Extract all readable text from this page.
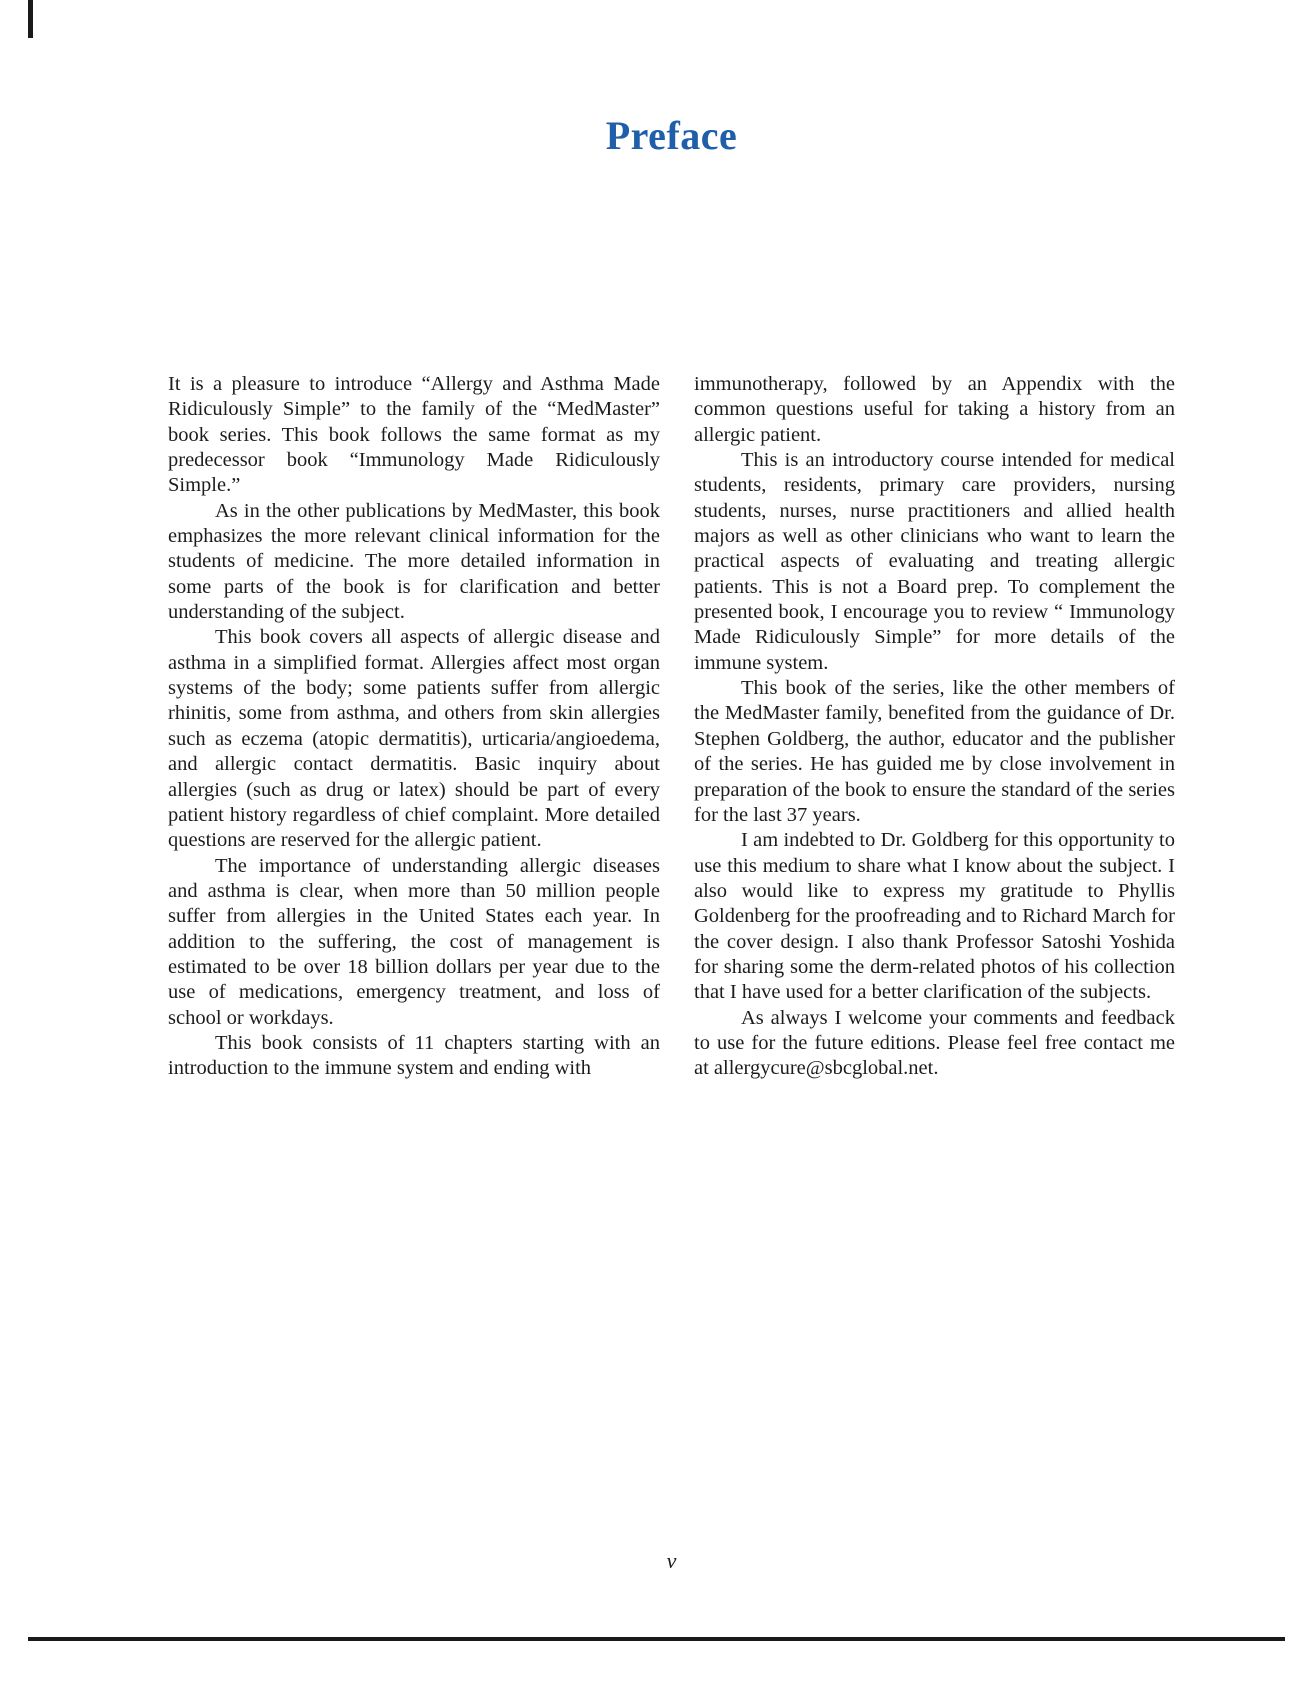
Preface

It is a pleasure to introduce “Allergy and Asthma Made Ridiculously Simple” to the family of the “MedMaster” book series. This book follows the same format as my predecessor book “Immunology Made Ridiculously Simple.”

As in the other publications by MedMaster, this book emphasizes the more relevant clinical information for the students of medicine. The more detailed information in some parts of the book is for clarification and better understanding of the subject.

This book covers all aspects of allergic disease and asthma in a simplified format. Allergies affect most organ systems of the body; some patients suffer from allergic rhinitis, some from asthma, and others from skin allergies such as eczema (atopic dermatitis), urticaria/angioedema, and allergic contact dermatitis. Basic inquiry about allergies (such as drug or latex) should be part of every patient history regardless of chief complaint. More detailed questions are reserved for the allergic patient.

The importance of understanding allergic diseases and asthma is clear, when more than 50 million people suffer from allergies in the United States each year. In addition to the suffering, the cost of management is estimated to be over 18 billion dollars per year due to the use of medications, emergency treatment, and loss of school or workdays.

This book consists of 11 chapters starting with an introduction to the immune system and ending with

immunotherapy, followed by an Appendix with the common questions useful for taking a history from an allergic patient.

This is an introductory course intended for medical students, residents, primary care providers, nursing students, nurses, nurse practitioners and allied health majors as well as other clinicians who want to learn the practical aspects of evaluating and treating allergic patients. This is not a Board prep. To complement the presented book, I encourage you to review “ Immunology Made Ridiculously Simple” for more details of the immune system.

This book of the series, like the other members of the MedMaster family, benefited from the guidance of Dr. Stephen Goldberg, the author, educator and the publisher of the series. He has guided me by close involvement in preparation of the book to ensure the standard of the series for the last 37 years.

I am indebted to Dr. Goldberg for this opportunity to use this medium to share what I know about the subject. I also would like to express my gratitude to Phyllis Goldenberg for the proofreading and to Richard March for the cover design. I also thank Professor Satoshi Yoshida for sharing some the derm-related photos of his collection that I have used for a better clarification of the subjects.

As always I welcome your comments and feedback to use for the future editions. Please feel free contact me at allergycure@sbcglobal.net.

v
